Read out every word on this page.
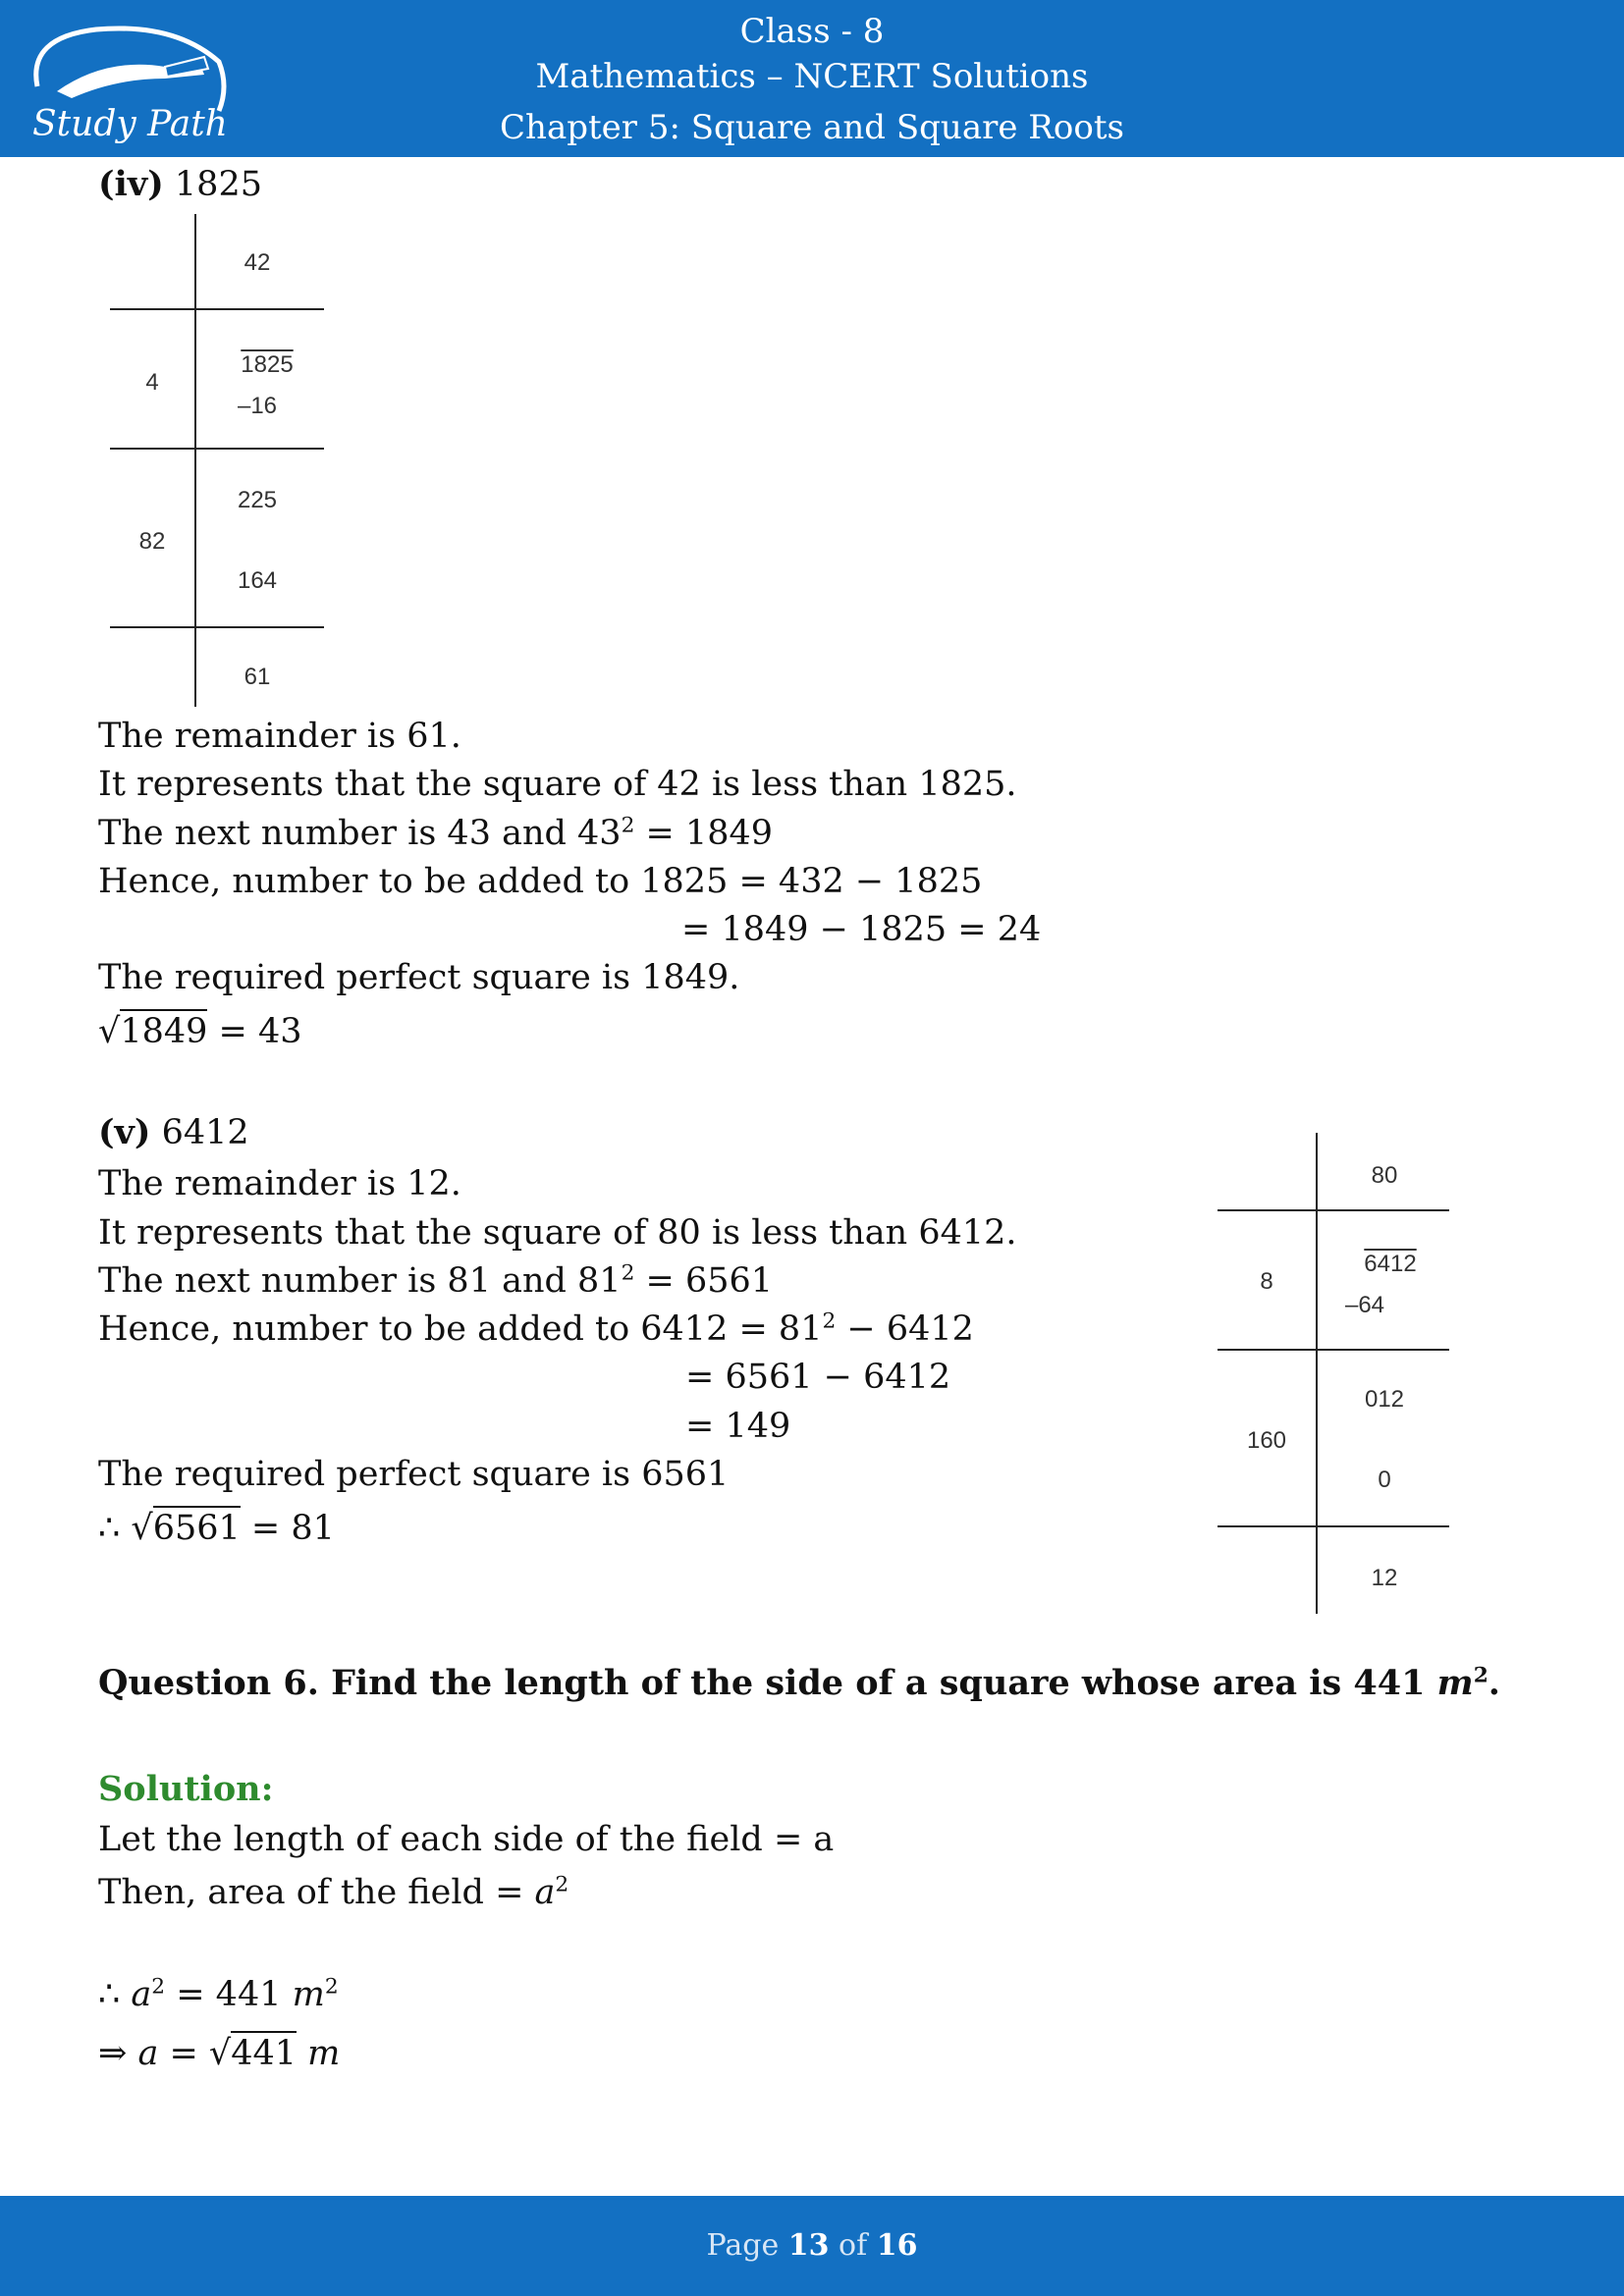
Study Path
Class - 8
Mathematics – NCERT Solutions
Chapter 5: Square and Square Roots
(iv) 1825
42
4
1825
–16
82
225
164
61
The remainder is 61.
It represents that the square of 42 is less than 1825.
The next number is 43 and $43^2 = 1849$
Hence, number to be added to 1825 = 432 − 1825
= 1849 − 1825 = 24
The required perfect square is 1849.
√1849 = 43
(v) 6412
The remainder is 12.
It represents that the square of 80 is less than 6412.
The next number is 81 and $81^2 = 6561$
Hence, number to be added to $6412 = 81^2 - 6412$
= 6561 − 6412
= 149
The required perfect square is 6561
∴ √6561 = 81
80
8
6412
–64
160
012
0
12
Question 6. Find the length of the side of a square whose area is 441 $m^2$.
Solution:
Let the length of each side of the field = a
Then, area of the field = $a^2$
∴ $a^2 = 441$ $m^2$
⇒ a = √441 m
Page 13 of 16
